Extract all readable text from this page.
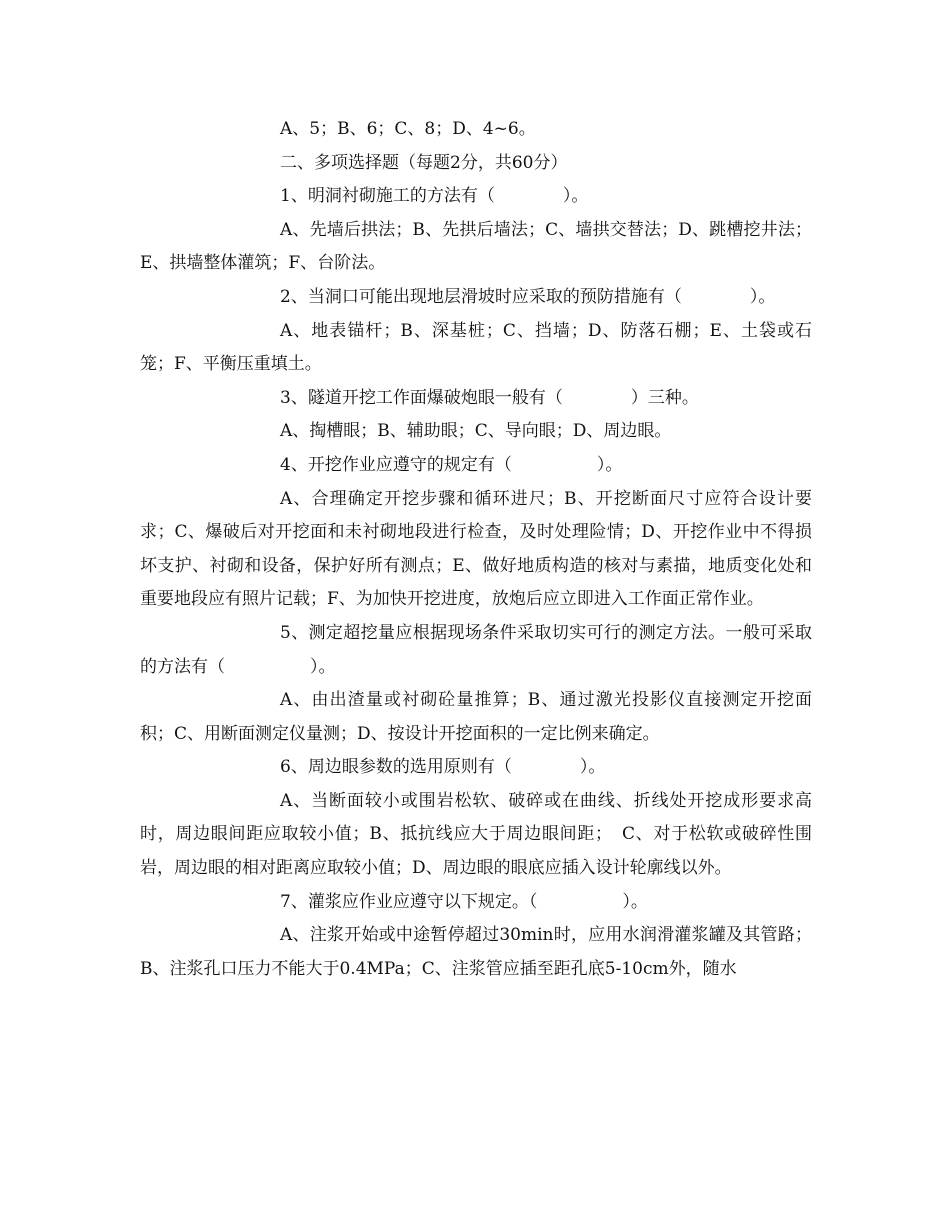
A、5；B、6；C、8；D、4~6。

二、多项选择题（每题2分，共60分）

1、明洞衬砌施工的方法有（　　　　）。

A、先墙后拱法；B、先拱后墙法；C、墙拱交替法；D、跳槽挖井法；E、拱墙整体灌筑；F、台阶法。

2、当洞口可能出现地层滑坡时应采取的预防措施有（　　　　）。

A、地表锚杆；B、深基桩；C、挡墙；D、防落石棚；E、土袋或石笼；F、平衡压重填土。

3、隧道开挖工作面爆破炮眼一般有（　　　　）三种。

A、掏槽眼；B、辅助眼；C、导向眼；D、周边眼。

4、开挖作业应遵守的规定有（　　　　　）。

A、合理确定开挖步骤和循环进尺；B、开挖断面尺寸应符合设计要求；C、爆破后对开挖面和未衬砌地段进行检查，及时处理险情；D、开挖作业中不得损坏支护、衬砌和设备，保护好所有测点；E、做好地质构造的核对与素描，地质变化处和重要地段应有照片记载；F、为加快开挖进度，放炮后应立即进入工作面正常作业。

5、测定超挖量应根据现场条件采取切实可行的测定方法。一般可采取的方法有（　　　　　）。

A、由出渣量或衬砌砼量推算；B、通过激光投影仪直接测定开挖面积；C、用断面测定仪量测；D、按设计开挖面积的一定比例来确定。

6、周边眼参数的选用原则有（　　　　）。

A、当断面较小或围岩松软、破碎或在曲线、折线处开挖成形要求高时，周边眼间距应取较小值；B、抵抗线应大于周边眼间距；　C、对于松软或破碎性围岩，周边眼的相对距离应取较小值；D、周边眼的眼底应插入设计轮廓线以外。

7、灌浆应作业应遵守以下规定。（　　　　　）。

A、注浆开始或中途暂停超过30min时，应用水润滑灌浆罐及其管路；B、注浆孔口压力不能大于0.4MPa；C、注浆管应插至距孔底5-10cm外，随水
